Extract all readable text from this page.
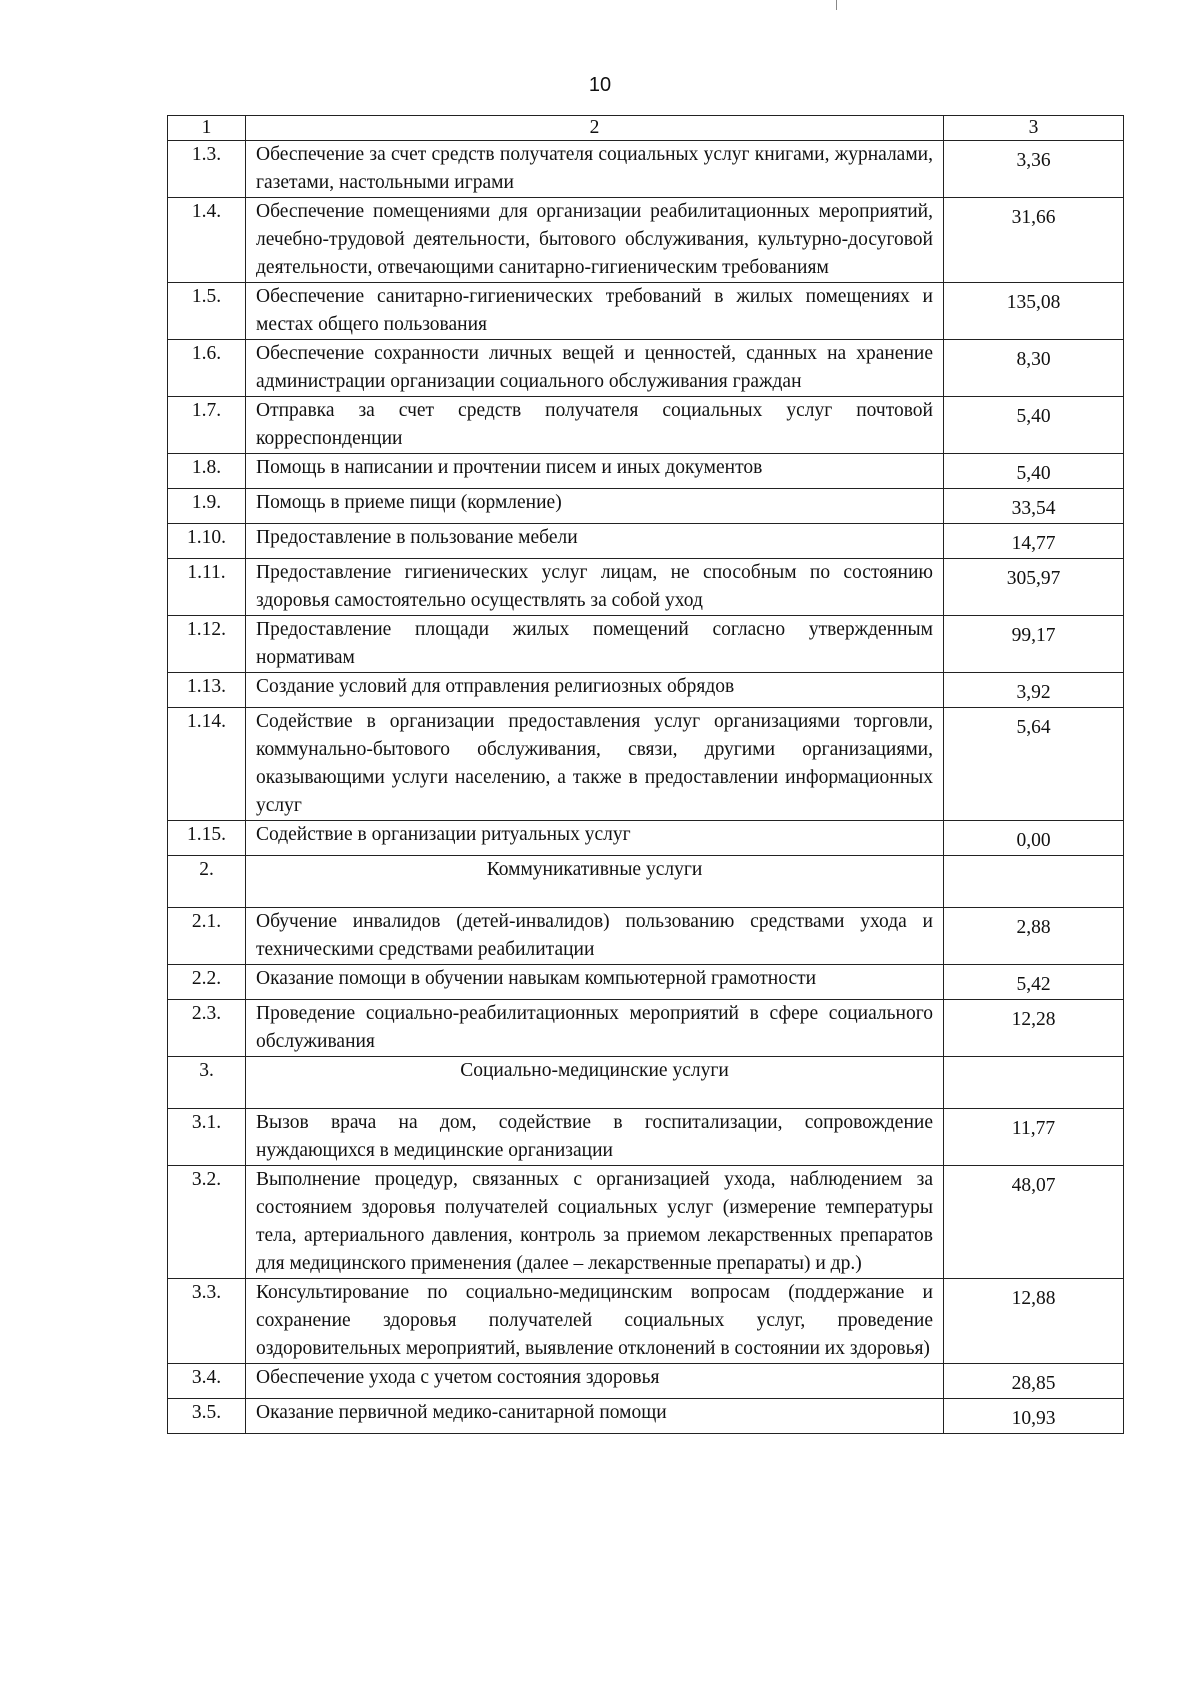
10
1	2	3
1.3.	Обеспечение за счет средств получателя социальных услуг книгами, журналами, газетами, настольными играми	3,36
1.4.	Обеспечение помещениями для организации реабилитационных мероприятий, лечебно-трудовой деятельности, бытового обслуживания, культурно-досуговой деятельности, отвечающими санитарно-гигиеническим требованиям	31,66
1.5.	Обеспечение санитарно-гигиенических требований в жилых помещениях и местах общего пользования	135,08
1.6.	Обеспечение сохранности личных вещей и ценностей, сданных на хранение администрации организации социального обслуживания граждан	8,30
1.7.	Отправка за счет средств получателя социальных услуг почтовой корреспонденции	5,40
1.8.	Помощь в написании и прочтении писем и иных документов	5,40
1.9.	Помощь в приеме пищи (кормление)	33,54
1.10.	Предоставление в пользование мебели	14,77
1.11.	Предоставление гигиенических услуг лицам, не способным по состоянию здоровья самостоятельно осуществлять за собой уход	305,97
1.12.	Предоставление площади жилых помещений согласно утвержденным нормативам	99,17
1.13.	Создание условий для отправления религиозных обрядов	3,92
1.14.	Содействие в организации предоставления услуг организациями торговли, коммунально-бытового обслуживания, связи, другими организациями, оказывающими услуги населению, а также в предоставлении информационных услуг	5,64
1.15.	Содействие в организации ритуальных услуг	0,00
2.	Коммуникативные услуги	
2.1.	Обучение инвалидов (детей-инвалидов) пользованию средствами ухода и техническими средствами реабилитации	2,88
2.2.	Оказание помощи в обучении навыкам компьютерной грамотности	5,42
2.3.	Проведение социально-реабилитационных мероприятий в сфере социального обслуживания	12,28
3.	Социально-медицинские услуги	
3.1.	Вызов врача на дом, содействие в госпитализации, сопровождение нуждающихся в медицинские организации	11,77
3.2.	Выполнение процедур, связанных с организацией ухода, наблюдением за состоянием здоровья получателей социальных услуг (измерение температуры тела, артериального давления, контроль за приемом лекарственных препаратов для медицинского применения (далее – лекарственные препараты) и др.)	48,07
3.3.	Консультирование по социально-медицинским вопросам (поддержание и сохранение здоровья получателей социальных услуг, проведение оздоровительных мероприятий, выявление отклонений в состоянии их здоровья)	12,88
3.4.	Обеспечение ухода с учетом состояния здоровья	28,85
3.5.	Оказание первичной медико-санитарной помощи	10,93
